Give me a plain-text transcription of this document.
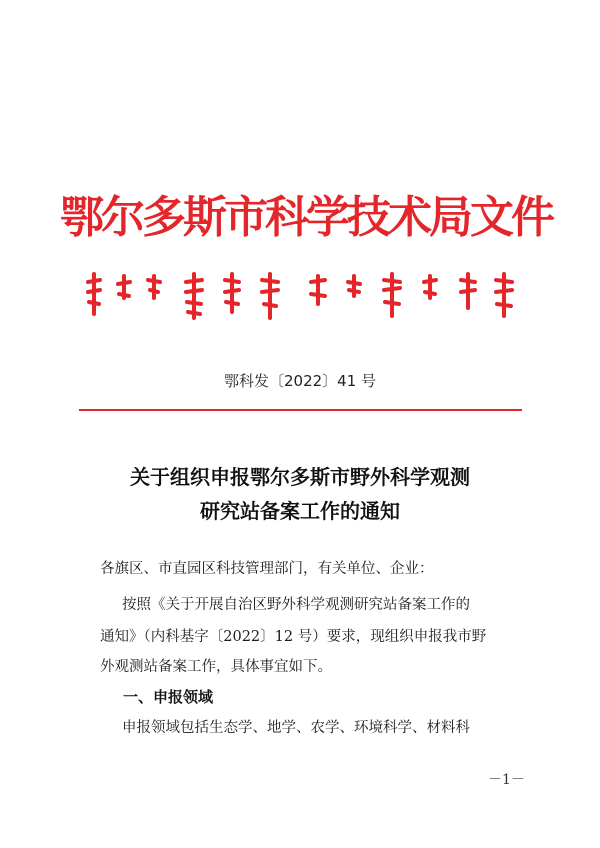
鄂尔多斯市科学技术局文件
鄂科发〔2022〕41 号
关于组织申报鄂尔多斯市野外科学观测
研究站备案工作的通知
各旗区、市直园区科技管理部门，有关单位、企业：
按照《关于开展自治区野外科学观测研究站备案工作的
通知》（内科基字〔2022〕12 号）要求，现组织申报我市野
外观测站备案工作，具体事宜如下。
一、申报领域
申报领域包括生态学、地学、农学、环境科学、材料科
－1－
